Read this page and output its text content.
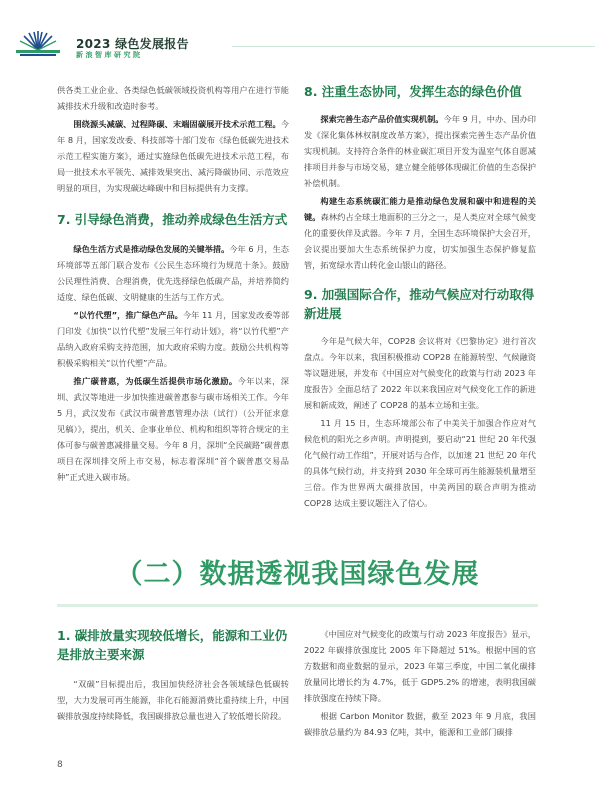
2023 绿色发展报告
新浪智库研究院

供各类工业企业、各类绿色低碳领域投资机构等用户在进行节能减排技术升级和改造时参考。

围绕源头减碳、过程降碳、末端固碳展开技术示范工程。今年 8 月，国家发改委、科技部等十部门发布《绿色低碳先进技术示范工程实施方案》，通过实施绿色低碳先进技术示范工程，布局一批技术水平领先、减排效果突出、减污降碳协同、示范效应明显的项目，为实现碳达峰碳中和目标提供有力支撑。

7. 引导绿色消费，推动养成绿色生活方式

绿色生活方式是推动绿色发展的关键举措。今年 6 月，生态环境部等五部门联合发布《公民生态环境行为规范十条》。鼓励公民理性消费、合理消费，优先选择绿色低碳产品，并培养简约适度、绿色低碳、文明健康的生活与工作方式。

“以竹代塑”，推广绿色产品。今年 11 月，国家发改委等部门印发《加快“以竹代塑”发展三年行动计划》，将“以竹代塑”产品纳入政府采购支持范围，加大政府采购力度。鼓励公共机构等积极采购相关“以竹代塑”产品。

推广碳普惠，为低碳生活提供市场化激励。今年以来，深圳、武汉等地进一步加快推进碳普惠参与碳市场相关工作。今年 5 月，武汉发布《武汉市碳普惠管理办法（试行）（公开征求意见稿）》，提出，机关、企事业单位、机构和组织等符合规定的主体可参与碳普惠减排量交易。今年 8 月，深圳“全民碳路”碳普惠项目在深圳排交所上市交易，标志着深圳“首个碳普惠交易品种”正式进入碳市场。

8. 注重生态协同，发挥生态的绿色价值

探索完善生态产品价值实现机制。今年 9 月，中办、国办印发《深化集体林权制度改革方案》，提出探索完善生态产品价值实现机制。支持符合条件的林业碳汇项目开发为温室气体自愿减排项目并参与市场交易，建立健全能够体现碳汇价值的生态保护补偿机制。

构建生态系统碳汇能力是推动绿色发展和碳中和进程的关键。森林约占全球土地面积的三分之一，是人类应对全球气候变化的重要伙伴及武器。今年 7 月，全国生态环境保护大会召开，会议提出要加大生态系统保护力度，切实加强生态保护修复监管，拓宽绿水青山转化金山银山的路径。

9. 加强国际合作，推动气候应对行动取得新进展

今年是气候大年，COP28 会议将对《巴黎协定》进行首次盘点。今年以来，我国积极推动 COP28 在能源转型、气候融资等议题进展，并发布《中国应对气候变化的政策与行动 2023 年度报告》全面总结了 2022 年以来我国应对气候变化工作的新进展和新成效，阐述了 COP28 的基本立场和主张。

11 月 15 日，生态环境部公布了中美关于加强合作应对气候危机的阳光之乡声明。声明提到，要启动“21 世纪 20 年代强化气候行动工作组”，开展对话与合作，以加速 21 世纪 20 年代的具体气候行动，并支持到 2030 年全球可再生能源装机量增至三倍。作为世界两大碳排放国，中美两国的联合声明为推动 COP28 达成主要议题注入了信心。

（二）数据透视我国绿色发展
1. 碳排放量实现较低增长，能源和工业仍是排放主要来源

“双碳”目标提出后，我国加快经济社会各领域绿色低碳转型，大力发展可再生能源，非化石能源消费比重持续上升，中国碳排放强度持续降低，我国碳排放总量也进入了较低增长阶段。

《中国应对气候变化的政策与行动 2023 年度报告》显示，2022 年碳排放强度比 2005 年下降超过 51%。根据中国的官方数据和商业数据的显示，2023 年第三季度，中国二氧化碳排放量同比增长约为 4.7%，低于 GDP5.2% 的增速，表明我国碳排放强度在持续下降。

根据 Carbon Monitor 数据，截至 2023 年 9 月底，我国碳排放总量约为 84.93 亿吨，其中，能源和工业部门碳排

8
